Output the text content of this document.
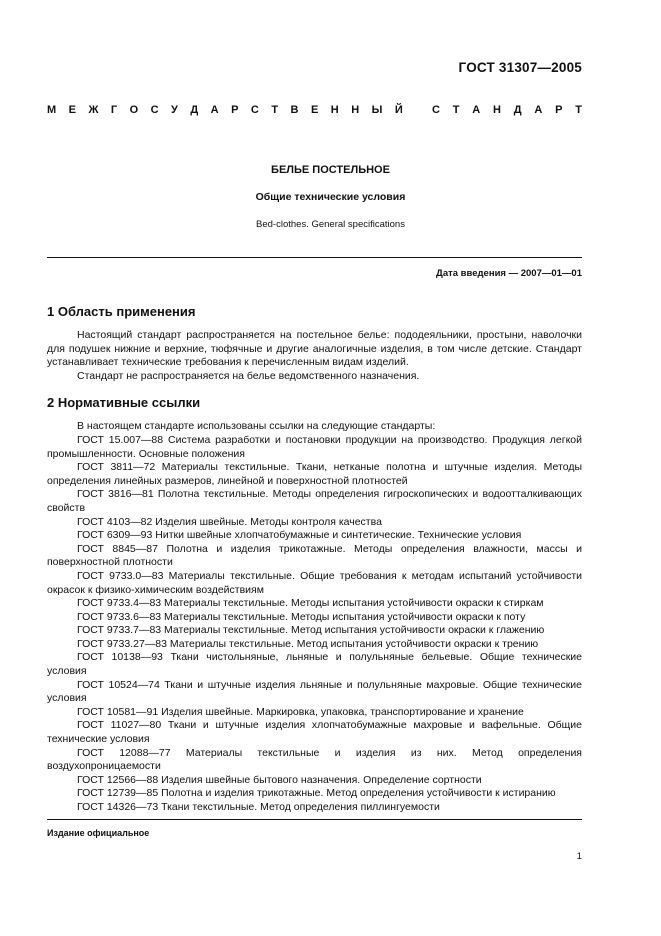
ГОСТ 31307—2005
М Е Ж Г О С У Д А Р С Т В Е Н Н Ы Й	С Т А Н Д А Р Т
БЕЛЬЕ ПОСТЕЛЬНОЕ
Общие технические условия
Bed-clothes. General specifications
Дата введения — 2007—01—01
1 Область применения

Настоящий стандарт распространяется на постельное белье: пододеяльники, простыни, наволочки для подушек нижние и верхние, тюфячные и другие аналогичные изделия, в том числе детские. Стандарт устанавливает технические требования к перечисленным видам изделий.

Стандарт не распространяется на белье ведомственного назначения.

2 Нормативные ссылки

В настоящем стандарте использованы ссылки на следующие стандарты:

ГОСТ 15.007—88 Система разработки и постановки продукции на производство. Продукция легкой промышленности. Основные положения

ГОСТ 3811—72 Материалы текстильные. Ткани, нетканые полотна и штучные изделия. Методы определения линейных размеров, линейной и поверхностной плотностей

ГОСТ 3816—81 Полотна текстильные. Методы определения гигроскопических и водоотталкивающих свойств

ГОСТ 4103—82 Изделия швейные. Методы контроля качества

ГОСТ 6309—93 Нитки швейные хлопчатобумажные и синтетические. Технические условия

ГОСТ 8845—87 Полотна и изделия трикотажные. Методы определения влажности, массы и поверхностной плотности

ГОСТ 9733.0—83 Материалы текстильные. Общие требования к методам испытаний устойчивости окрасок к физико-химическим воздействиям

ГОСТ 9733.4—83 Материалы текстильные. Методы испытания устойчивости окраски к стиркам

ГОСТ 9733.6—83 Материалы текстильные. Методы испытания устойчивости окраски к поту

ГОСТ 9733.7—83 Материалы текстильные. Метод испытания устойчивости окраски к глажению

ГОСТ 9733.27—83 Материалы текстильные. Метод испытания устойчивости окраски к трению

ГОСТ 10138—93 Ткани чистольняные, льняные и полульняные бельевые. Общие технические условия

ГОСТ 10524—74 Ткани и штучные изделия льняные и полульняные махровые. Общие технические условия

ГОСТ 10581—91 Изделия швейные. Маркировка, упаковка, транспортирование и хранение

ГОСТ 11027—80 Ткани и штучные изделия хлопчатобумажные махровые и вафельные. Общие технические условия

ГОСТ 12088—77 Материалы текстильные и изделия из них. Метод определения воздухопроницаемости

ГОСТ 12566—88 Изделия швейные бытового назначения. Определение сортности

ГОСТ 12739—85 Полотна и изделия трикотажные. Метод определения устойчивости к истиранию

ГОСТ 14326—73 Ткани текстильные. Метод определения пиллингуемости

Издание официальное
1
